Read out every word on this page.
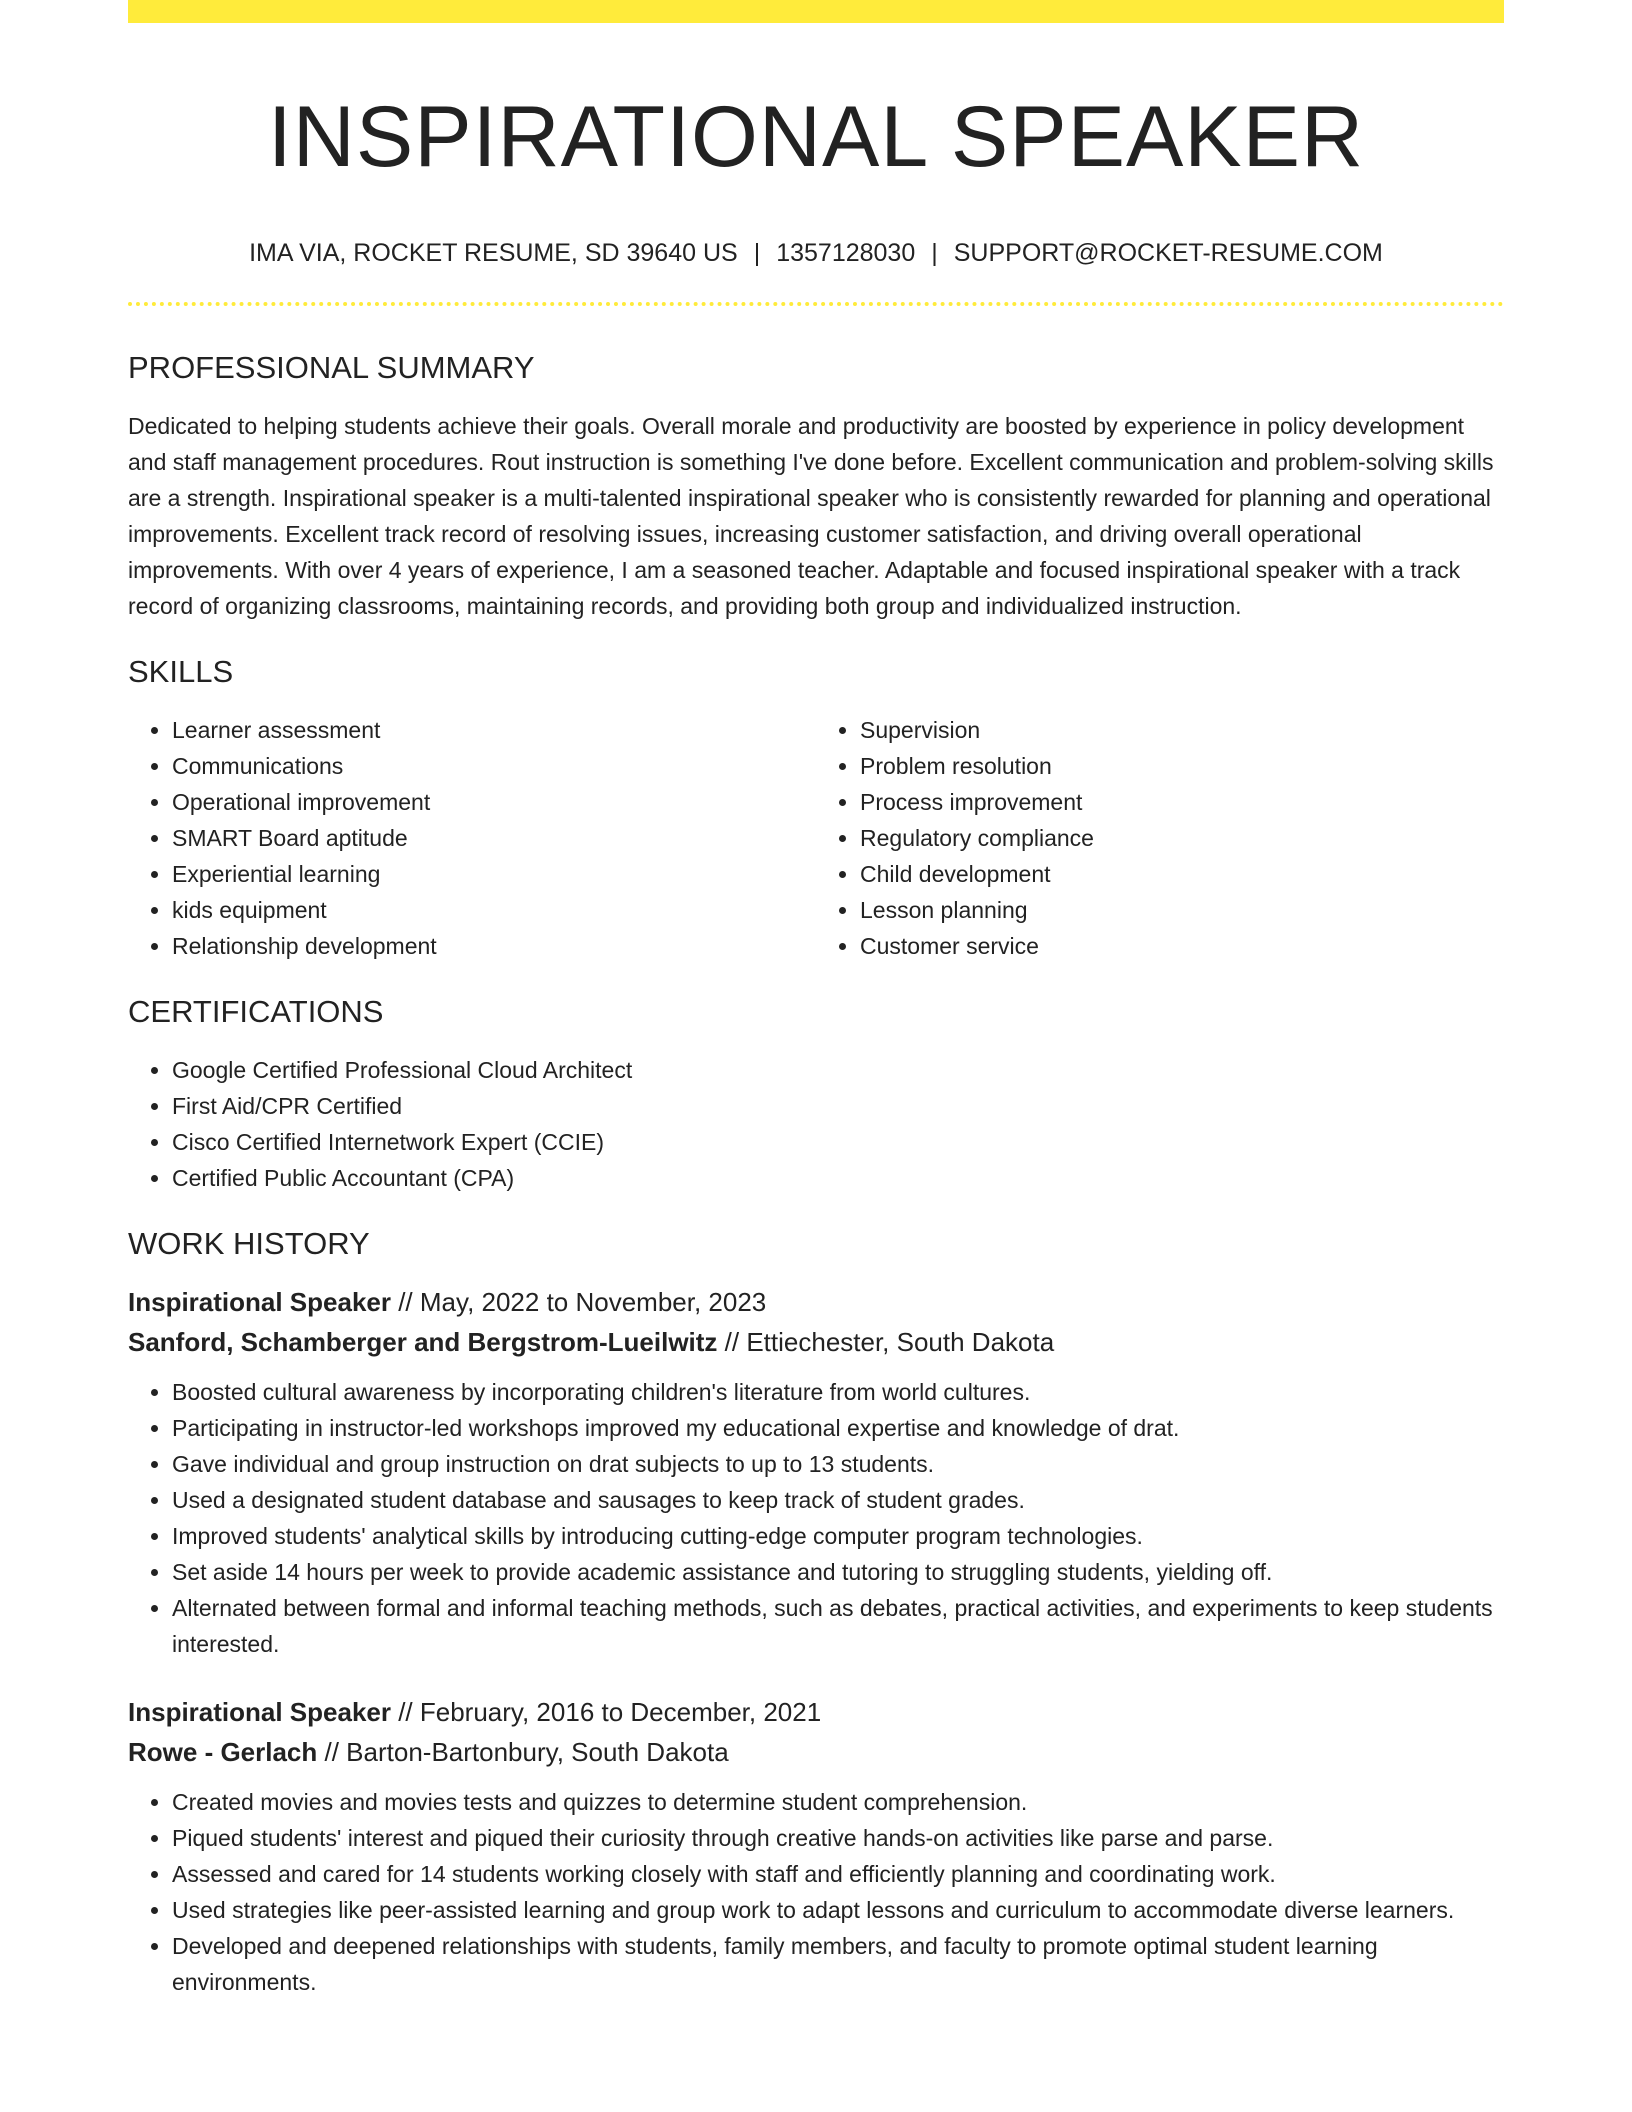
INSPIRATIONAL SPEAKER
IMA VIA, ROCKET RESUME, SD 39640 US | 1357128030 | SUPPORT@ROCKET-RESUME.COM
PROFESSIONAL SUMMARY

Dedicated to helping students achieve their goals. Overall morale and productivity are boosted by experience in policy development and staff management procedures. Rout instruction is something I've done before. Excellent communication and problem-solving skills are a strength. Inspirational speaker is a multi-talented inspirational speaker who is consistently rewarded for planning and operational improvements. Excellent track record of resolving issues, increasing customer satisfaction, and driving overall operational improvements. With over 4 years of experience, I am a seasoned teacher. Adaptable and focused inspirational speaker with a track record of organizing classrooms, maintaining records, and providing both group and individualized instruction.

SKILLS
• Learner assessment
• Communications
• Operational improvement
• SMART Board aptitude
• Experiential learning
• kids equipment
• Relationship development
• Supervision
• Problem resolution
• Process improvement
• Regulatory compliance
• Child development
• Lesson planning
• Customer service
CERTIFICATIONS
• Google Certified Professional Cloud Architect
• First Aid/CPR Certified
• Cisco Certified Internetwork Expert (CCIE)
• Certified Public Accountant (CPA)
WORK HISTORY
Inspirational Speaker // May, 2022 to November, 2023
Sanford, Schamberger and Bergstrom-Lueilwitz // Ettiechester, South Dakota
• Boosted cultural awareness by incorporating children's literature from world cultures.
• Participating in instructor-led workshops improved my educational expertise and knowledge of drat.
• Gave individual and group instruction on drat subjects to up to 13 students.
• Used a designated student database and sausages to keep track of student grades.
• Improved students' analytical skills by introducing cutting-edge computer program technologies.
• Set aside 14 hours per week to provide academic assistance and tutoring to struggling students, yielding off.
• Alternated between formal and informal teaching methods, such as debates, practical activities, and experiments to keep students interested.
Inspirational Speaker // February, 2016 to December, 2021
Rowe - Gerlach // Barton-Bartonbury, South Dakota
• Created movies and movies tests and quizzes to determine student comprehension.
• Piqued students' interest and piqued their curiosity through creative hands-on activities like parse and parse.
• Assessed and cared for 14 students working closely with staff and efficiently planning and coordinating work.
• Used strategies like peer-assisted learning and group work to adapt lessons and curriculum to accommodate diverse learners.
• Developed and deepened relationships with students, family members, and faculty to promote optimal student learning environments.
